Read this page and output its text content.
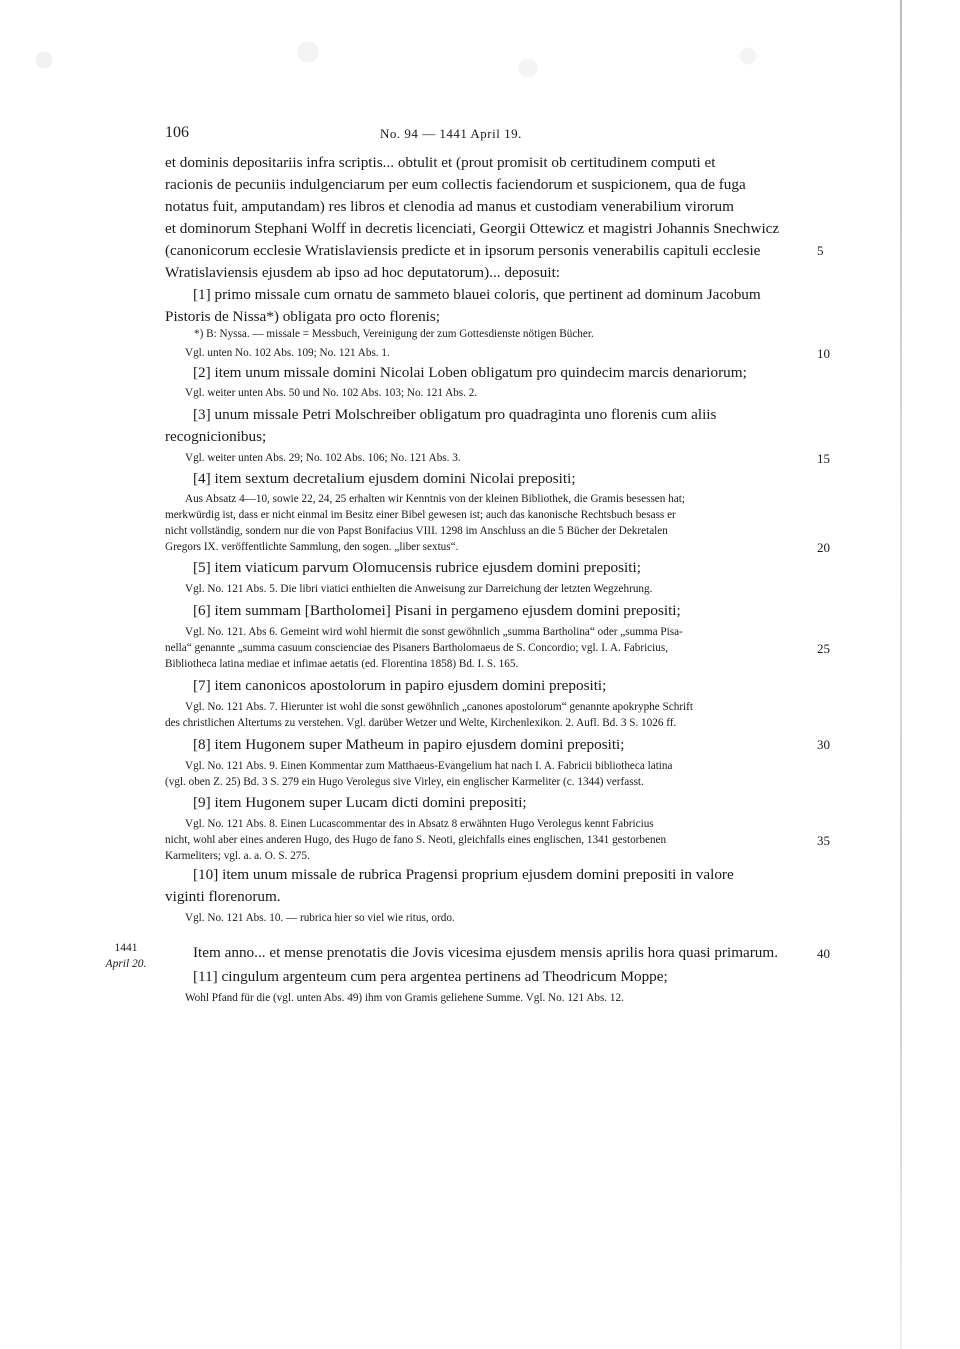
106	No. 94 — 1441 April 19.
et dominis depositariis infra scriptis... obtulit et (prout promisit ob certitudinem computi et
racionis de pecuniis indulgenciarum per eum collectis faciendorum et suspicionem, qua de fuga
notatus fuit, amputandam) res libros et clenodia ad manus et custodiam venerabilium virorum
et dominorum Stephani Wolff in decretis licenciati, Georgii Ottewicz et magistri Johannis Snechwicz
(canonicorum ecclesie Wratislaviensis predicte et in ipsorum personis venerabilis capituli ecclesie
Wratislaviensis ejusdem ab ipso ad hoc deputatorum)... deposuit:
[1] primo missale cum ornatu de sammeto blauei coloris, que pertinent ad dominum Jacobum
Pistoris de Nissa*) obligata pro octo florenis;
*) B: Nyssa. — missale = Messbuch, Vereinigung der zum Gottesdienste nötigen Bücher.
Vgl. unten No. 102 Abs. 109; No. 121 Abs. 1.
[2] item unum missale domini Nicolai Loben obligatum pro quindecim marcis denariorum;
Vgl. weiter unten Abs. 50 und No. 102 Abs. 103; No. 121 Abs. 2.
[3] unum missale Petri Molschreiber obligatum pro quadraginta uno florenis cum aliis
recognicionibus;
Vgl. weiter unten Abs. 29; No. 102 Abs. 106; No. 121 Abs. 3.
[4] item sextum decretalium ejusdem domini Nicolai prepositi;
Aus Absatz 4—10, sowie 22, 24, 25 erhalten wir Kenntnis von der kleinen Bibliothek, die Gramis besessen hat;
merkwürdig ist, dass er nicht einmal im Besitz einer Bibel gewesen ist; auch das kanonische Rechtsbuch besass er
nicht vollständig, sondern nur die von Papst Bonifacius VIII. 1298 im Anschluss an die 5 Bücher der Dekretalen
Gregors IX. veröffentlichte Sammlung, den sogen. „liber sextus“.
[5] item viaticum parvum Olomucensis rubrice ejusdem domini prepositi;
Vgl. No. 121 Abs. 5. Die libri viatici enthielten die Anweisung zur Darreichung der letzten Wegzehrung.
[6] item summam [Bartholomei] Pisani in pergameno ejusdem domini prepositi;
Vgl. No. 121. Abs 6. Gemeint wird wohl hiermit die sonst gewöhnlich „summa Bartholina“ oder „summa Pisa-
nella“ genannte „summa casuum conscienciae des Pisaners Bartholomaeus de S. Concordio; vgl. I. A. Fabricius,
Bibliotheca latina mediae et infimae aetatis (ed. Florentina 1858) Bd. I. S. 165.
[7] item canonicos apostolorum in papiro ejusdem domini prepositi;
Vgl. No. 121 Abs. 7. Hierunter ist wohl die sonst gewöhnlich „canones apostolorum“ genannte apokryphe Schrift
des christlichen Altertums zu verstehen. Vgl. darüber Wetzer und Welte, Kirchenlexikon. 2. Aufl. Bd. 3 S. 1026 ff.
[8] item Hugonem super Matheum in papiro ejusdem domini prepositi;
Vgl. No. 121 Abs. 9. Einen Kommentar zum Matthaeus-Evangelium hat nach I. A. Fabricii bibliotheca latina
(vgl. oben Z. 25) Bd. 3 S. 279 ein Hugo Verolegus sive Virley, ein englischer Karmeliter (c. 1344) verfasst.
[9] item Hugonem super Lucam dicti domini prepositi;
Vgl. No. 121 Abs. 8. Einen Lucascommentar des in Absatz 8 erwähnten Hugo Verolegus kennt Fabricius
nicht, wohl aber eines anderen Hugo, des Hugo de fano S. Neoti, gleichfalls eines englischen, 1341 gestorbenen
Karmeliters; vgl. a. a. O. S. 275.
[10] item unum missale de rubrica Pragensi proprium ejusdem domini prepositi in valore
viginti florenorum.
Vgl. No. 121 Abs. 10. — rubrica hier so viel wie ritus, ordo.
1441
April 20.
Item anno... et mense prenotatis die Jovis vicesima ejusdem mensis aprilis hora quasi primarum.
[11] cingulum argenteum cum pera argentea pertinens ad Theodricum Moppe;
Wohl Pfand für die (vgl. unten Abs. 49) ihm von Gramis geliehene Summe. Vgl. No. 121 Abs. 12.
5
10
15
20
25
30
35
40
